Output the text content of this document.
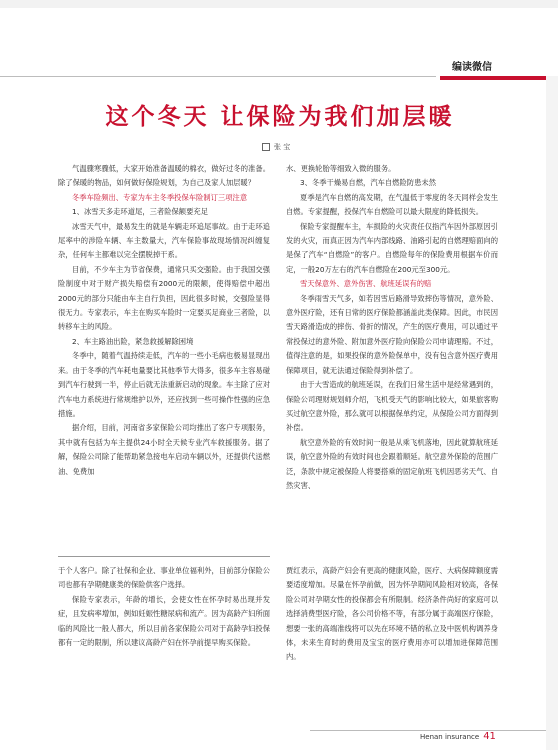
编读微信
这个冬天 让保险为我们加层暖
张 宝

气温骤寒骤低，大家开始准备温暖的棉衣，做好过冬的准备。除了保暖的物品，如何做好保险规划，为自己及家人加层暖？

冬季车险频出、专家为车主冬季投保车险制订三项注意

1、冰雪天多走环道尾，三者险保额要充足

冰雪天气中，最易发生的就是车辆走环追尾事故。由于走环追尾率中的涉险车辆、车主数量大，汽车保险事故现场情况纠缠复杂，任何车主都难以完全摆脱掉干系。

目前，不少车主为节省保费，通常只买交强险。由于我国交强险制度中对于财产损失赔偿有2000元的限额，使得赔偿中超出2000元的部分只能由车主自行负担，因此很多时候，交强险显得很无力。专家表示，车主在购买车险时一定要买足商业三者险，以转移车主的风险。

2、车主路油出险，紧急救援解除困境

冬季中，随着气温持续走低，汽车的一些小毛病也极易显现出来。由于冬季的汽车耗电量要比其他季节大得多，很多车主容易碰到汽车行驶到一半，停止后就无法重新启动的现象。车主除了应对汽车电力系统进行常规维护以外，还应找到一些可操作性强的应急措施。

据介绍，目前，河南省多家保险公司均推出了客户专项服务，其中就有包括为车主提供24小时全天候专业汽车救援服务。据了解，保险公司除了能帮助紧急接电车启动车辆以外，还提供代送燃油、免费加

水、更换轮胎等细致入微的服务。

3、冬季干燥易自燃，汽车自燃险防患未然

夏季是汽车自燃的高发期，在气温低于零度的冬天同样会发生自燃。专家提醒，投保汽车自燃险可以最大限度的降低损失。

保险专家提醒车主，车损险的火灾责任仅指汽车因外部原因引发的火灾，而真正因为汽车内部线路、油路引起的自燃理赔面向的是保了汽车“自燃险”的客户。自燃险每年的保险费用根据车价而定，一般20万左右的汽车自燃险在200元至300元。

雪天保意外、意外伤害、航班延误有的赔

冬季雨雪天气多，如若因雪后路滑导致摔伤等情况，意外险、意外医疗险，还有日常的医疗保险都涵盖此类保障。因此，市民因雪天路滑造成的摔伤、骨折的情况，产生的医疗费用，可以通过平常投保过的意外险、附加意外医疗险向保险公司申请理赔。不过，值得注意的是，如果投保的意外险保单中，没有包含意外医疗费用保障项目，就无法通过保险得到补偿了。

由于大雪造成的航班延误，在我们日常生活中是经常遇到的，保险公司理财规划师介绍，飞机受天气的影响比较大，如果旅客购买过航空意外险，那么就可以根据保单约定，从保险公司方面得到补偿。

航空意外险的有效时间一般是从乘飞机落地，因此就算航班延误，航空意外险的有效时间也会跟着顺延。航空意外保险的范围广泛，条款中规定被保险人将要搭乘的固定航班飞机因恶劣天气、自然灾害、

于个人客户。除了社保和企业、事业单位福利外，目前部分保险公司也都有孕期健康类的保险供客户选择。

保险专家表示，年龄的增长，会使女性在怀孕时易出现并发症，且发病率增加，例如妊娠性糖尿病和流产。因为高龄产妇所面临的风险比一般人都大，所以目前各家保险公司对于高龄孕妇投保都有一定的限制，所以建议高龄产妇在怀孕前提早购买保险。

贾红表示，高龄产妇会有更高的健康风险，医疗、大病保障额度需要适度增加。尽量在怀孕前做，因为怀孕期间风险相对较高，各保险公司对孕期女性的投保都会有所限制。经济条件尚好的家庭可以选择消费型医疗险，各公司价格不等，有部分属于高端医疗保险，想要一张的高端准线将可以先在环境不错的私立及中医机构调养身体，未来生育时的费用及宝宝的医疗费用亦可以增加进保障范围内。

Henan insurance 41
